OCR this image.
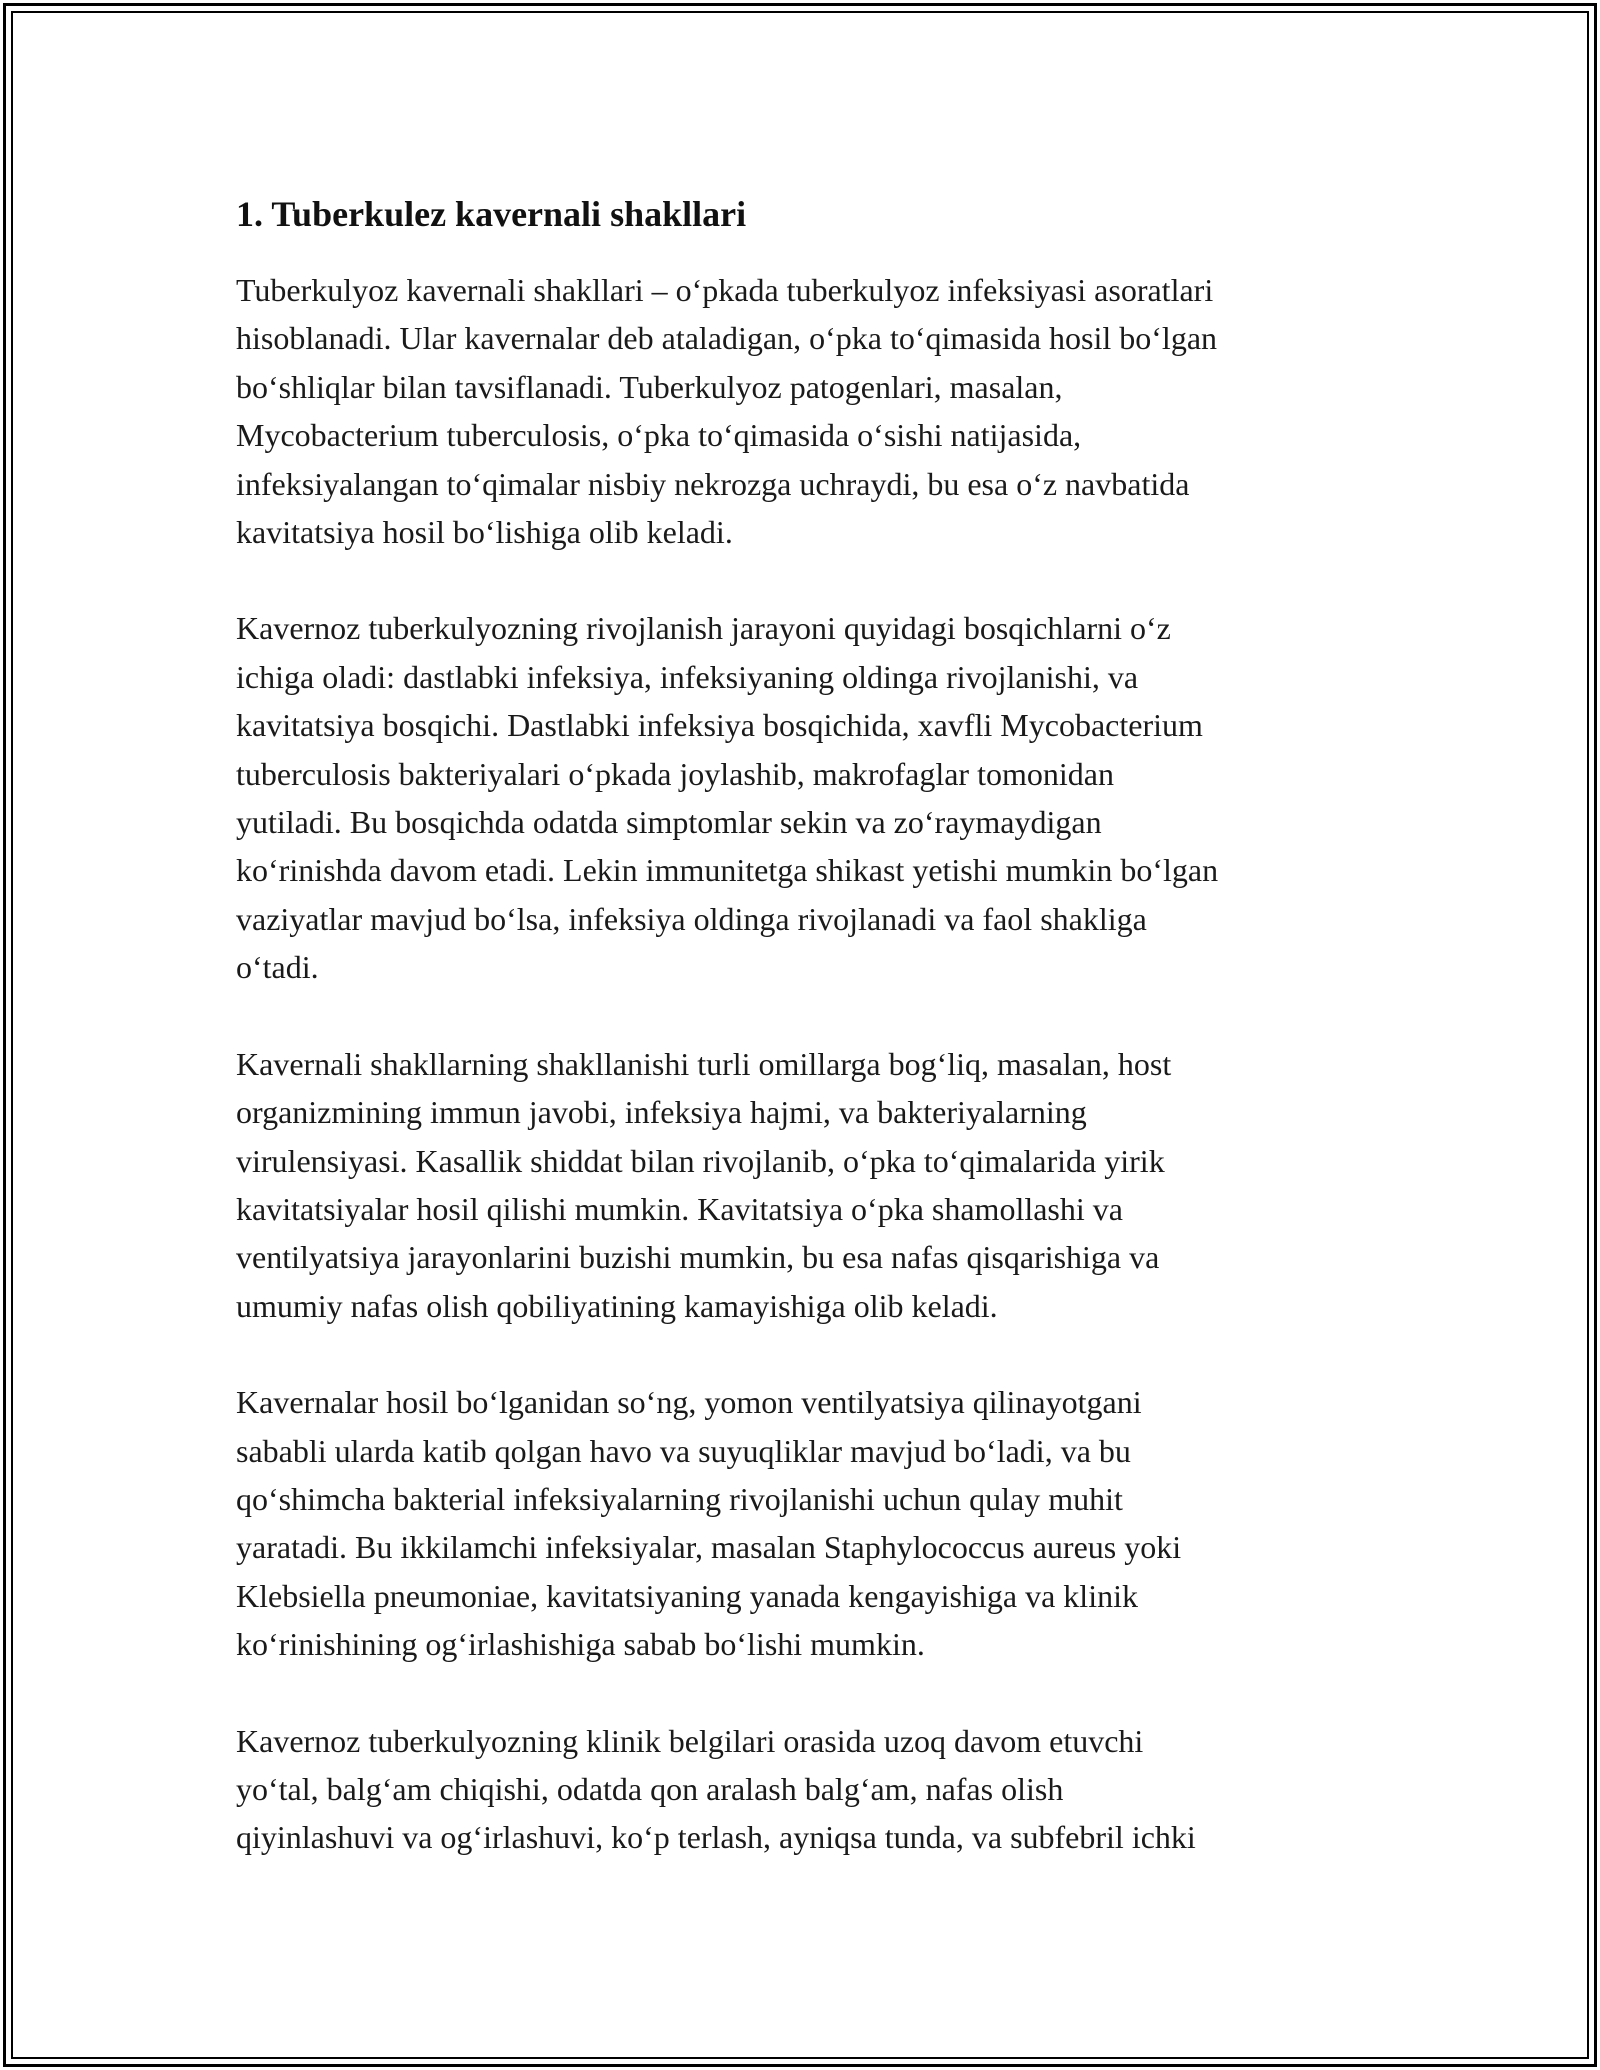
1. Tuberkulez kavernali shakllari

Tuberkulyoz kavernali shakllari – o‘pkada tuberkulyoz infeksiyasi asoratlari
hisoblanadi. Ular kavernalar deb ataladigan, o‘pka to‘qimasida hosil bo‘lgan
bo‘shliqlar bilan tavsiflanadi. Tuberkulyoz patogenlari, masalan,
Mycobacterium tuberculosis, o‘pka to‘qimasida o‘sishi natijasida,
infeksiyalangan to‘qimalar nisbiy nekrozga uchraydi, bu esa o‘z navbatida
kavitatsiya hosil bo‘lishiga olib keladi.

Kavernoz tuberkulyozning rivojlanish jarayoni quyidagi bosqichlarni o‘z
ichiga oladi: dastlabki infeksiya, infeksiyaning oldinga rivojlanishi, va
kavitatsiya bosqichi. Dastlabki infeksiya bosqichida, xavfli Mycobacterium
tuberculosis bakteriyalari o‘pkada joylashib, makrofaglar tomonidan
yutiladi. Bu bosqichda odatda simptomlar sekin va zo‘raymaydigan
ko‘rinishda davom etadi. Lekin immunitetga shikast yetishi mumkin bo‘lgan
vaziyatlar mavjud bo‘lsa, infeksiya oldinga rivojlanadi va faol shakliga
o‘tadi.

Kavernali shakllarning shakllanishi turli omillarga bog‘liq, masalan, host
organizmining immun javobi, infeksiya hajmi, va bakteriyalarning
virulensiyasi. Kasallik shiddat bilan rivojlanib, o‘pka to‘qimalarida yirik
kavitatsiyalar hosil qilishi mumkin. Kavitatsiya o‘pka shamollashi va
ventilyatsiya jarayonlarini buzishi mumkin, bu esa nafas qisqarishiga va
umumiy nafas olish qobiliyatining kamayishiga olib keladi.

Kavernalar hosil bo‘lganidan so‘ng, yomon ventilyatsiya qilinayotgani
sababli ularda katib qolgan havo va suyuqliklar mavjud bo‘ladi, va bu
qo‘shimcha bakterial infeksiyalarning rivojlanishi uchun qulay muhit
yaratadi. Bu ikkilamchi infeksiyalar, masalan Staphylococcus aureus yoki
Klebsiella pneumoniae, kavitatsiyaning yanada kengayishiga va klinik
ko‘rinishining og‘irlashishiga sabab bo‘lishi mumkin.

Kavernoz tuberkulyozning klinik belgilari orasida uzoq davom etuvchi
yo‘tal, balg‘am chiqishi, odatda qon aralash balg‘am, nafas olish
qiyinlashuvi va og‘irlashuvi, ko‘p terlash, ayniqsa tunda, va subfebril ichki
